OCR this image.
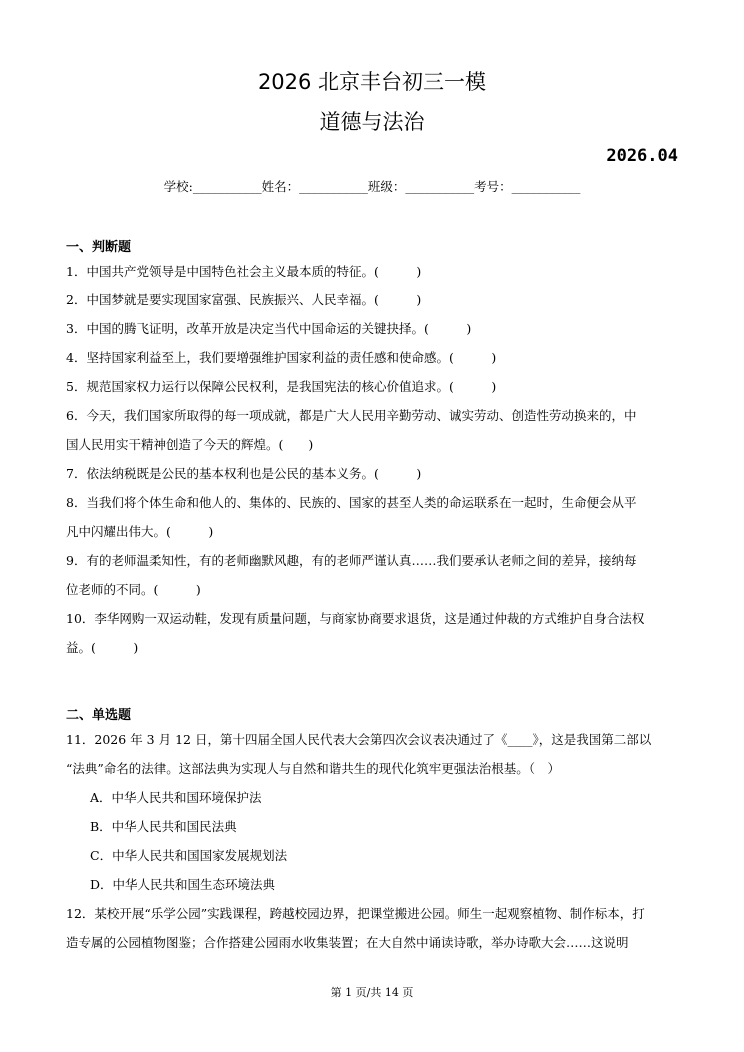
2026 北京丰台初三一模
道德与法治
2026.04
学校:___________姓名：___________班级：___________考号：___________
一、判断题
1．中国共产党领导是中国特色社会主义最本质的特征。(　　　)
2．中国梦就是要实现国家富强、民族振兴、人民幸福。(　　　)
3．中国的腾飞证明，改革开放是决定当代中国命运的关键抉择。(　　　)
4．坚持国家利益至上，我们要增强维护国家利益的责任感和使命感。(　　　)
5．规范国家权力运行以保障公民权利，是我国宪法的核心价值追求。(　　　)
6．今天，我们国家所取得的每一项成就，都是广大人民用辛勤劳动、诚实劳动、创造性劳动换来的，中
国人民用实干精神创造了今天的辉煌。(　　)
7．依法纳税既是公民的基本权利也是公民的基本义务。(　　　)
8．当我们将个体生命和他人的、集体的、民族的、国家的甚至人类的命运联系在一起时，生命便会从平
凡中闪耀出伟大。(　　　)
9．有的老师温柔知性，有的老师幽默风趣，有的老师严谨认真……我们要承认老师之间的差异，接纳每
位老师的不同。(　　　)
10．李华网购一双运动鞋，发现有质量问题，与商家协商要求退货，这是通过仲裁的方式维护自身合法权
益。(　　　)
二、单选题
11．2026 年 3 月 12 日，第十四届全国人民代表大会第四次会议表决通过了《____》，这是我国第二部以
“法典”命名的法律。这部法典为实现人与自然和谐共生的现代化筑牢更强法治根基。（　）
A．中华人民共和国环境保护法
B．中华人民共和国民法典
C．中华人民共和国国家发展规划法
D．中华人民共和国生态环境法典
12．某校开展“乐学公园”实践课程，跨越校园边界，把课堂搬进公园。师生一起观察植物、制作标本，打
造专属的公园植物图鉴；合作搭建公园雨水收集装置；在大自然中诵读诗歌，举办诗歌大会……这说明
第 1 页/共 14 页
